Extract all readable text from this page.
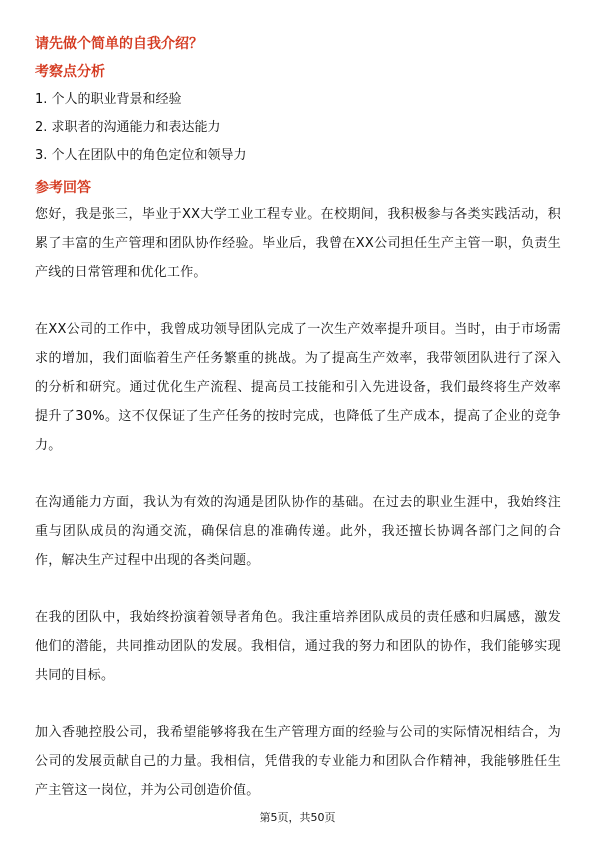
请先做个简单的自我介绍？
考察点分析
1. 个人的职业背景和经验
2. 求职者的沟通能力和表达能力
3. 个人在团队中的角色定位和领导力
参考回答
您好，我是张三，毕业于XX大学工业工程专业。在校期间，我积极参与各类实践活动，积累了丰富的生产管理和团队协作经验。毕业后，我曾在XX公司担任生产主管一职，负责生产线的日常管理和优化工作。
在XX公司的工作中，我曾成功领导团队完成了一次生产效率提升项目。当时，由于市场需求的增加，我们面临着生产任务繁重的挑战。为了提高生产效率，我带领团队进行了深入的分析和研究。通过优化生产流程、提高员工技能和引入先进设备，我们最终将生产效率提升了30%。这不仅保证了生产任务的按时完成，也降低了生产成本，提高了企业的竞争力。
在沟通能力方面，我认为有效的沟通是团队协作的基础。在过去的职业生涯中，我始终注重与团队成员的沟通交流，确保信息的准确传递。此外，我还擅长协调各部门之间的合作，解决生产过程中出现的各类问题。
在我的团队中，我始终扮演着领导者角色。我注重培养团队成员的责任感和归属感，激发他们的潜能，共同推动团队的发展。我相信，通过我的努力和团队的协作，我们能够实现共同的目标。
加入香驰控股公司，我希望能够将我在生产管理方面的经验与公司的实际情况相结合，为公司的发展贡献自己的力量。我相信，凭借我的专业能力和团队合作精神，我能够胜任生产主管这一岗位，并为公司创造价值。
第5页，共50页
